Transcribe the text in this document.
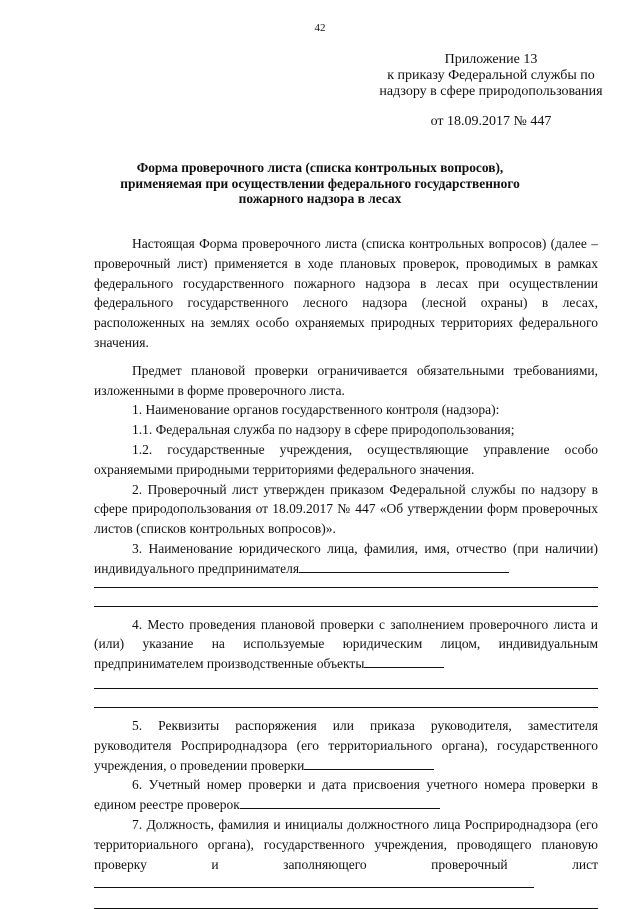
42
Приложение 13
к приказу Федеральной службы по
надзору в сфере природопользования
от 18.09.2017 № 447
Форма проверочного листа (списка контрольных вопросов),
применяемая при осуществлении федерального государственного
пожарного надзора в лесах

Настоящая Форма проверочного листа (списка контрольных вопросов) (далее – проверочный лист) применяется в ходе плановых проверок, проводимых в рамках федерального государственного пожарного надзора в лесах при осуществлении федерального государственного лесного надзора (лесной охраны) в лесах, расположенных на землях особо охраняемых природных территориях федерального значения.

Предмет плановой проверки ограничивается обязательными требованиями, изложенными в форме проверочного листа.

1. Наименование органов государственного контроля (надзора):

1.1. Федеральная служба по надзору в сфере природопользования;

1.2. государственные учреждения, осуществляющие управление особо охраняемыми природными территориями федерального значения.

2. Проверочный лист утвержден приказом Федеральной службы по надзору в сфере природопользования от 18.09.2017 № 447 «Об утверждении форм проверочных листов (списков контрольных вопросов)».

3. Наименование юридического лица, фамилия, имя, отчество (при наличии) индивидуального предпринимателя

4. Место проведения плановой проверки с заполнением проверочного листа и (или) указание на используемые юридическим лицом, индивидуальным предпринимателем производственные объекты

5. Реквизиты распоряжения или приказа руководителя, заместителя руководителя Росприроднадзора (его территориального органа), государственного учреждения, о проведении проверки

6. Учетный номер проверки и дата присвоения учетного номера проверки в едином реестре проверок

7. Должность, фамилия и инициалы должностного лица Росприроднадзора (его территориального органа), государственного учреждения, проводящего плановую проверку и заполняющего проверочный лист
